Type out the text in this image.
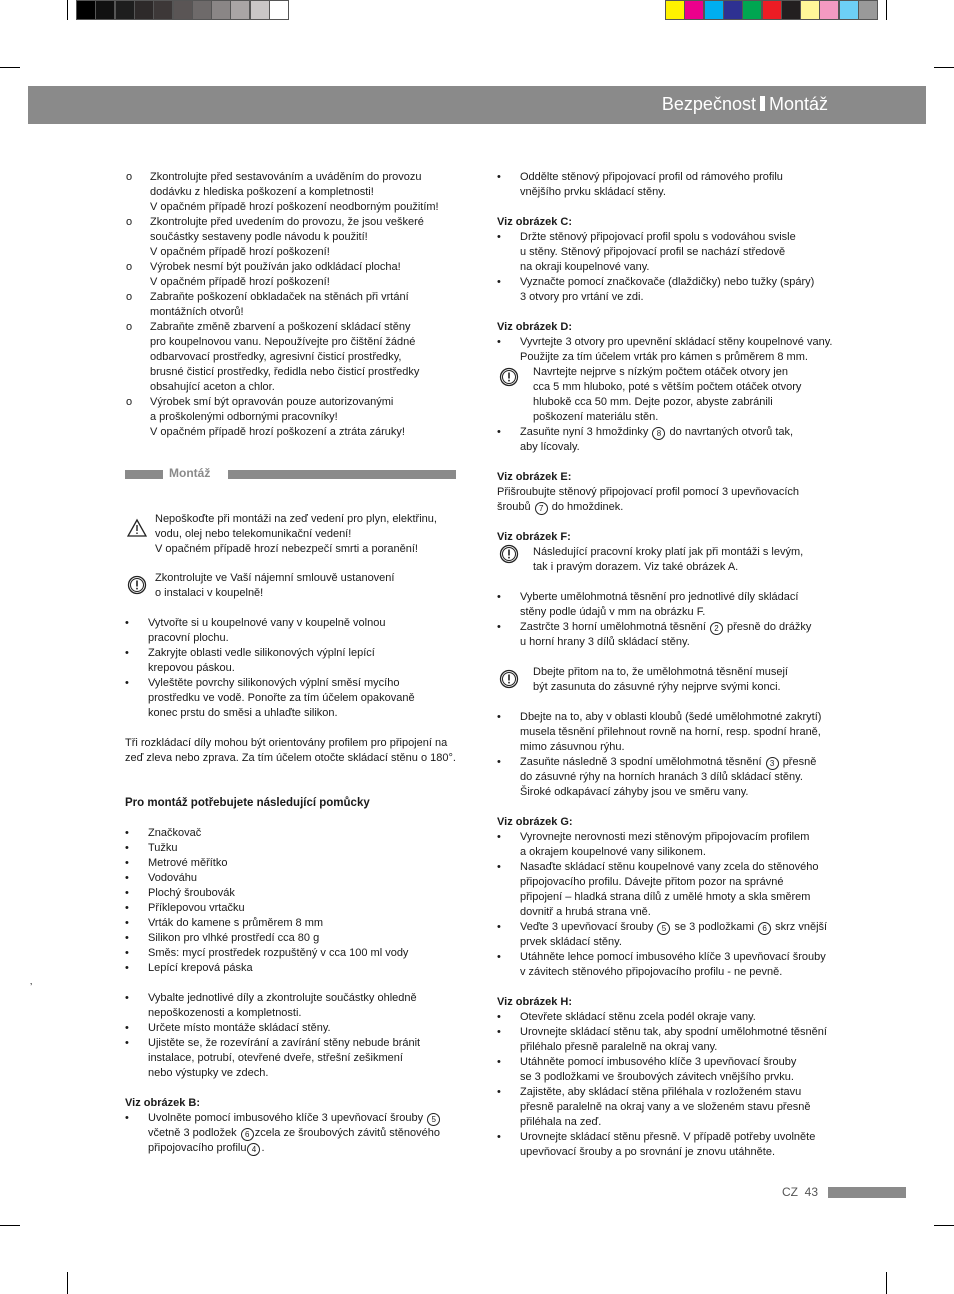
Bezpečnost Montáž
o Zkontrolujte před sestavováním a uváděním do provozu
dodávku z hlediska poškození a kompletnosti!
V opačném případě hrozí poškození neodborným použitím!
o Zkontrolujte před uvedením do provozu, že jsou veškeré
součástky sestaveny podle návodu k použití!
V opačném případě hrozí poškození!
o Výrobek nesmí být používán jako odkládací plocha!
V opačném případě hrozí poškození!
o Zabraňte poškození obkladaček na stěnách při vrtání
montážních otvorů!
o Zabraňte změně zbarvení a poškození skládací stěny
pro koupelnovou vanu. Nepoužívejte pro čištění žádné
odbarvovací prostředky, agresivní čisticí prostředky,
brusné čisticí prostředky, ředidla nebo čisticí prostředky
obsahující aceton a chlor.
o Výrobek smí být opravován pouze autorizovanými
a proškolenými odbornými pracovníky!
V opačném případě hrozí poškození a ztráta záruky!
Montáž
Nepoškoďte při montáži na zeď vedení pro plyn, elektřinu,
vodu, olej nebo telekomunikační vedení!
V opačném případě hrozí nebezpečí smrti a poranění!
Zkontrolujte ve Vaší nájemní smlouvě ustanovení
o instalaci v koupelně!
• Vytvořte si u koupelnové vany v koupelně volnou
pracovní plochu.
• Zakryjte oblasti vedle silikonových výplní lepící
krepovou páskou.
• Vyleštěte povrchy silikonových výplní směsí mycího
prostředku ve vodě. Ponořte za tím účelem opakovaně
konec prstu do směsi a uhlaďte silikon.
Tři rozkládací díly mohou být orientovány profilem pro připojení na
zeď zleva nebo zprava. Za tím účelem otočte skládací stěnu o 180°.
Pro montáž potřebujete následující pomůcky
• Značkovač
• Tužku
• Metrové měřítko
• Vodováhu
• Plochý šroubovák
• Příklepovou vrtačku
• Vrták do kamene s průměrem 8 mm
• Silikon pro vlhké prostředí cca 80 g
• Směs: mycí prostředek rozpuštěný v cca 100 ml vody
• Lepící krepová páska
• Vybalte jednotlivé díly a zkontrolujte součástky ohledně
nepoškozenosti a kompletnosti.
• Určete místo montáže skládací stěny.
• Ujistěte se, že rozevírání a zavírání stěny nebude bránit
instalace, potrubí, otevřené dveře, střešní zešikmení
nebo výstupky ve zdech.
Viz obrázek B:
• Uvolněte pomocí imbusového klíče 3 upevňovací šrouby 5
včetně 3 podložek 6 zcela ze šroubových závitů stěnového
připojovacího profilu 4 .
‚
• Oddělte stěnový připojovací profil od rámového profilu
vnějšího prvku skládací stěny.
Viz obrázek C:
• Držte stěnový připojovací profil spolu s vodováhou svisle
u stěny. Stěnový připojovací profil se nachází středově
na okraji koupelnové vany.
• Vyznačte pomocí značkovače (dlaždičky) nebo tužky (spáry)
3 otvory pro vrtání ve zdi.
Viz obrázek D:
• Vyvrtejte 3 otvory pro upevnění skládací stěny koupelnové vany.
Použijte za tím účelem vrták pro kámen s průměrem 8 mm.
Navrtejte nejprve s nízkým počtem otáček otvory jen
cca 5 mm hluboko, poté s větším počtem otáček otvory
hlubokě cca 50 mm. Dejte pozor, abyste zabránili
poškození materiálu stěn.
• Zasuňte nyní 3 hmoždinky 8 do navrtaných otvorů tak,
aby lícovaly.
Viz obrázek E:
Přišroubujte stěnový připojovací profil pomocí 3 upevňovacích
šroubů 7 do hmoždinek.
Viz obrázek F:
Následující pracovní kroky platí jak při montáži s levým,
tak i pravým dorazem. Viz také obrázek A.
• Vyberte umělohmotná těsnění pro jednotlivé díly skládací
stěny podle údajů v mm na obrázku F.
• Zastrčte 3 horní umělohmotná těsnění 2 přesně do drážky
u horní hrany 3 dílů skládací stěny.
Dbejte přitom na to, že umělohmotná těsnění musejí
být zasunuta do zásuvné rýhy nejprve svými konci.
• Dbejte na to, aby v oblasti kloubů (šedé umělohmotné zakrytí)
musela těsnění přilehnout rovně na horní, resp. spodní hraně,
mimo zásuvnou rýhu.
• Zasuňte následně 3 spodní umělohmotná těsnění 3 přesně
do zásuvné rýhy na horních hranách 3 dílů skládací stěny.
Široké odkapávací záhyby jsou ve směru vany.
Viz obrázek G:
• Vyrovnejte nerovnosti mezi stěnovým připojovacím profilem
a okrajem koupelnové vany silikonem.
• Nasaďte skládací stěnu koupelnové vany zcela do stěnového
připojovacího profilu. Dávejte přitom pozor na správné
připojení – hladká strana dílů z umělé hmoty a skla směrem
dovnitř a hrubá strana vně.
• Veďte 3 upevňovací šrouby 5 se 3 podložkami 6 skrz vnější
prvek skládací stěny.
• Utáhněte lehce pomocí imbusového klíče 3 upevňovací šrouby
v závitech stěnového připojovacího profilu - ne pevně.
Viz obrázek H:
• Otevřete skládací stěnu zcela podél okraje vany.
• Urovnejte skládací stěnu tak, aby spodní umělohmotné těsnění
přiléhalo přesně paralelně na okraj vany.
• Utáhněte pomocí imbusového klíče 3 upevňovací šrouby
se 3 podložkami ve šroubových závitech vnějšího prvku.
• Zajistěte, aby skládací stěna přiléhala v rozloženém stavu
přesně paralelně na okraj vany a ve složeném stavu přesně
přiléhala na zeď.
• Urovnejte skládací stěnu přesně. V případě potřeby uvolněte
upevňovací šrouby a po srovnání je znovu utáhněte.
CZ 43
